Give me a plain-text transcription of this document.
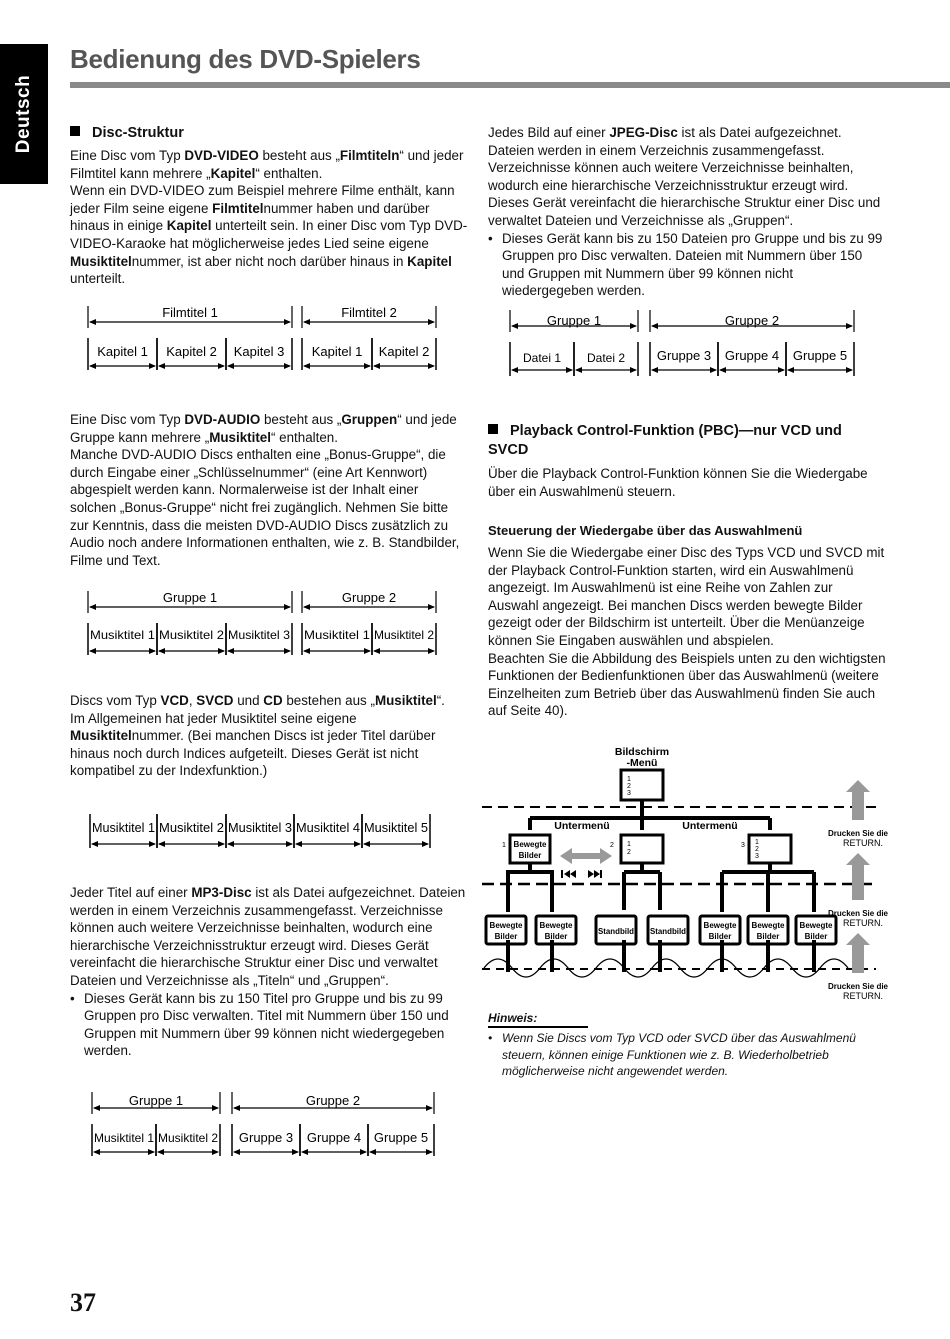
Deutsch
Bedienung des DVD-Spielers
Disc-Struktur

Eine Disc vom Typ DVD-VIDEO besteht aus „Filmtiteln“ und jeder Filmtitel kann mehrere „Kapitel“ enthalten.
Wenn ein DVD-VIDEO zum Beispiel mehrere Filme enthält, kann jeder Film seine eigene Filmtitelnummer haben und darüber hinaus in einige Kapitel unterteilt sein. In einer Disc vom Typ DVD- VIDEO-Karaoke hat möglicherweise jedes Lied seine eigene Musiktitelnummer, ist aber nicht noch darüber hinaus in Kapitel unterteilt.

Filmtitel 1	Filmtitel 2
Kapitel 1 Kapitel 2 Kapitel 3 Kapitel 1 Kapitel 2

Eine Disc vom Typ DVD-AUDIO besteht aus „Gruppen“ und jede Gruppe kann mehrere „Musiktitel“ enthalten.
Manche DVD-AUDIO Discs enthalten eine „Bonus-Gruppe“, die durch Eingabe einer „Schlüsselnummer“ (eine Art Kennwort) abgespielt werden kann. Normalerweise ist der Inhalt einer solchen „Bonus-Gruppe“ nicht frei zugänglich. Nehmen Sie bitte zur Kenntnis, dass die meisten DVD-AUDIO Discs zusätzlich zu Audio noch andere Informationen enthalten, wie z. B. Standbilder, Filme und Text.

Gruppe 1	Gruppe 2
Musiktitel 1 Musiktitel 2 Musiktitel 3 Musiktitel 1 Musiktitel 2

Discs vom Typ VCD, SVCD und CD bestehen aus „Musiktitel“.
Im Allgemeinen hat jeder Musiktitel seine eigene Musiktitelnummer. (Bei manchen Discs ist jeder Titel darüber hinaus noch durch Indices aufgeteilt. Dieses Gerät ist nicht kompatibel zu der Indexfunktion.)

Musiktitel 1 Musiktitel 2 Musiktitel 3 Musiktitel 4 Musiktitel 5

Jeder Titel auf einer MP3-Disc ist als Datei aufgezeichnet. Dateien werden in einem Verzeichnis zusammengefasst. Verzeichnisse können auch weitere Verzeichnisse beinhalten, wodurch eine hierarchische Verzeichnisstruktur erzeugt wird. Dieses Gerät vereinfacht die hierarchische Struktur einer Disc und verwaltet Dateien und Verzeichnisse als „Titeln“ und „Gruppen“.

• Dieses Gerät kann bis zu 150 Titel pro Gruppe und bis zu 99 Gruppen pro Disc verwalten. Titel mit Nummern über 150 und Gruppen mit Nummern über 99 können nicht wiedergegeben werden.

Gruppe 1	Gruppe 2
Musiktitel 1 Musiktitel 2 Gruppe 3 Gruppe 4 Gruppe 5

Jedes Bild auf einer JPEG-Disc ist als Datei aufgezeichnet. Dateien werden in einem Verzeichnis zusammengefasst. Verzeichnisse können auch weitere Verzeichnisse beinhalten, wodurch eine hierarchische Verzeichnisstruktur erzeugt wird. Dieses Gerät vereinfacht die hierarchische Struktur einer Disc und verwaltet Dateien und Verzeichnisse als „Gruppen“.

• Dieses Gerät kann bis zu 150 Dateien pro Gruppe und bis zu 99 Gruppen pro Disc verwalten. Dateien mit Nummern über 150 und Gruppen mit Nummern über 99 können nicht wiedergegeben werden.

Gruppe 1	Gruppe 2
Datei 1 Datei 2 Gruppe 3 Gruppe 4 Gruppe 5
Playback Control-Funktion (PBC)—nur VCD und SVCD

Über die Playback Control-Funktion können Sie die Wiedergabe über ein Auswahlmenü steuern.

Steuerung der Wiedergabe über das Auswahlmenü

Wenn Sie die Wiedergabe einer Disc des Typs VCD und SVCD mit der Playback Control-Funktion starten, wird ein Auswahlmenü angezeigt. Im Auswahlmenü ist eine Reihe von Zahlen zur Auswahl angezeigt. Bei manchen Discs werden bewegte Bilder gezeigt oder der Bildschirm ist unterteilt. Über die Menüanzeige können Sie Eingaben auswählen und abspielen.

Beachten Sie die Abbildung des Beispiels unten zu den wichtigsten Funktionen der Bedienfunktionen über das Auswahlmenü (weitere Einzelheiten zum Betrieb über das Auswahlmenü finden Sie auch auf Seite 40).

Bildschirm
-Menü
1
2
3
Untermenü	Untermenü
1 Bewegte
Bilder
2 1
2
3 1
2
3
Bewegte
Bilder
Bewegte
Bilder
Standbild Standbild
Bewegte
Bilder
Bewegte
Bilder
Bewegte
Bilder
Drucken Sie die
RETURN.
Drucken Sie die
RETURN.
Drucken Sie die
RETURN.
Hinweis:
• Wenn Sie Discs vom Typ VCD oder SVCD über das Auswahlmenü steuern, können einige Funktionen wie z. B. Wiederholbetrieb möglicherweise nicht angewendet werden.
37
